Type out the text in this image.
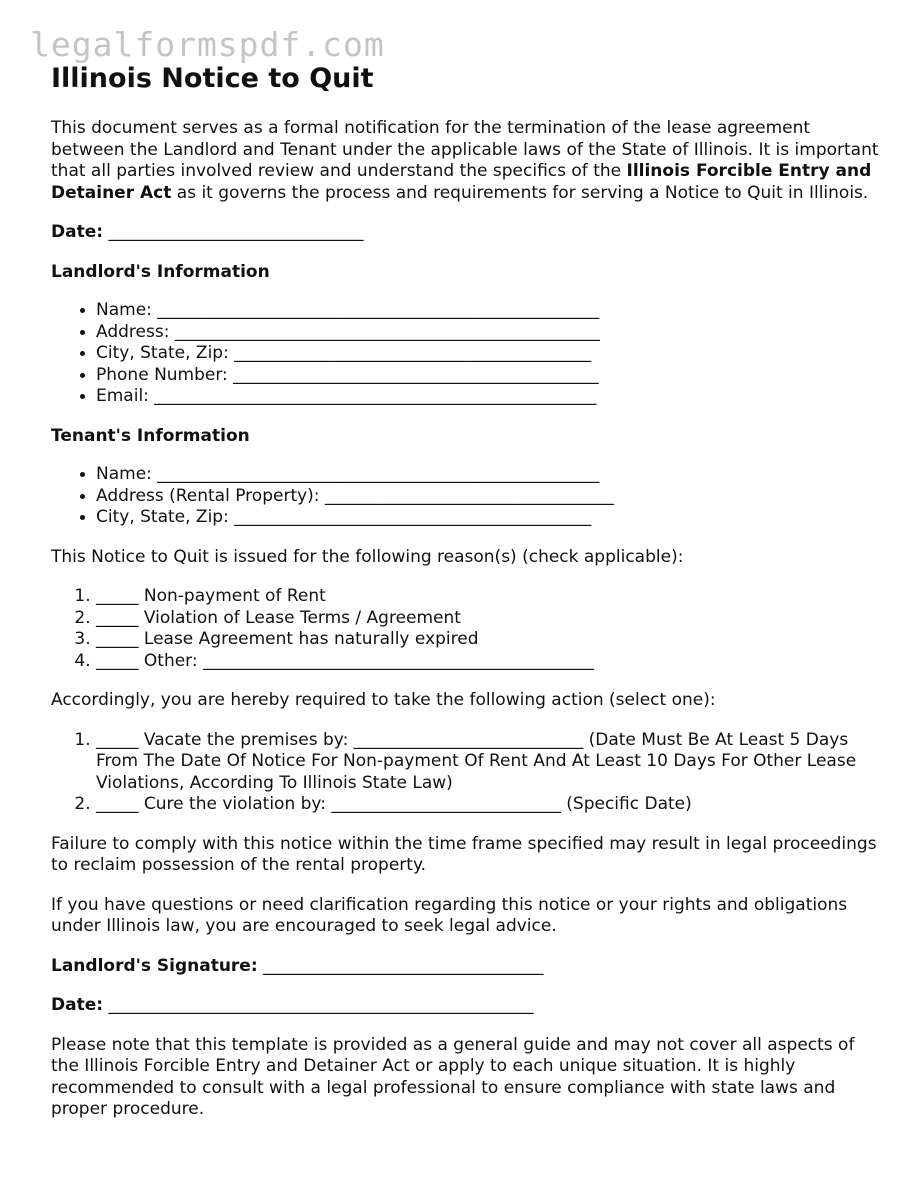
legalformspdf.com
Illinois Notice to Quit

This document serves as a formal notification for the termination of the lease agreement between the Landlord and Tenant under the applicable laws of the State of Illinois. It is important that all parties involved review and understand the specifics of the Illinois Forcible Entry and Detainer Act as it governs the process and requirements for serving a Notice to Quit in Illinois.

Date: ______________________________
Landlord's Information
• Name: ____________________________________________________
• Address: __________________________________________________
• City, State, Zip: __________________________________________
• Phone Number: ___________________________________________
• Email: ____________________________________________________
Tenant's Information
• Name: ____________________________________________________
• Address (Rental Property): __________________________________
• City, State, Zip: __________________________________________

This Notice to Quit is issued for the following reason(s) (check applicable):

1. _____ Non-payment of Rent
2. _____ Violation of Lease Terms / Agreement
3. _____ Lease Agreement has naturally expired
4. _____ Other: ______________________________________________

Accordingly, you are hereby required to take the following action (select one):

1. _____ Vacate the premises by: ___________________________ (Date Must Be At Least 5 Days From The Date Of Notice For Non-payment Of Rent And At Least 10 Days For Other Lease Violations, According To Illinois State Law)
2. _____ Cure the violation by: ___________________________ (Specific Date)

Failure to comply with this notice within the time frame specified may result in legal proceedings to reclaim possession of the rental property.

If you have questions or need clarification regarding this notice or your rights and obligations under Illinois law, you are encouraged to seek legal advice.

Landlord's Signature: _________________________________
Date: __________________________________________________

Please note that this template is provided as a general guide and may not cover all aspects of the Illinois Forcible Entry and Detainer Act or apply to each unique situation. It is highly recommended to consult with a legal professional to ensure compliance with state laws and proper procedure.
